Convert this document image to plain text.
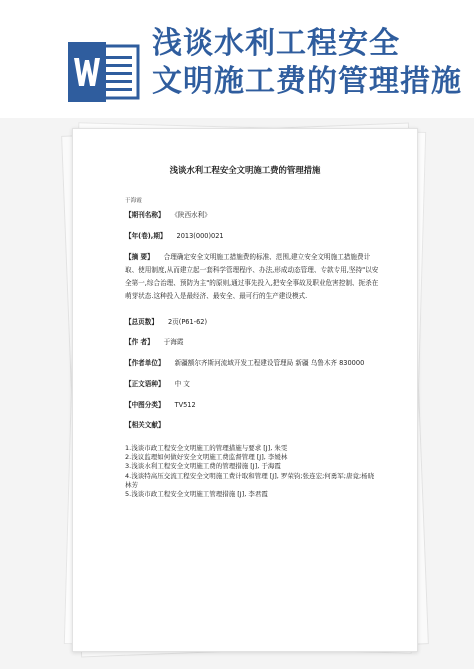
浅谈水利工程安全
文明施工费的管理措施
浅谈水利工程安全文明施工费的管理措施
于海霞
【期刊名称】 《陕西水利》
【年(卷),期】 2013(000)021
【摘 要】 合理确定安全文明施工措施费的标准、范围,建立安全文明施工措施费计取、使用制度,从而建立起一套科学管理程序、办法,形成动态管理、专款专用,坚持"以安全第一,综合治理、预防为主"的原则,通过事先投入,把安全事故及职业危害控制、扼杀在萌芽状态.这种投入是最经济、最安全、最可行的生产建设模式.
【总页数】 2页(P61-62)
【作 者】 于海霞
【作者单位】 新疆额尔齐斯河流域开发工程建设管理局 新疆 乌鲁木齐 830000
【正文语种】 中 文
【中图分类】 TV512
【相关文献】
1.浅谈市政工程安全文明施工的管理措施与要求 [J], 朱雯
2.浅议监理如何做好安全文明施工费监督管理 [J], 李媛林
3.浅谈水利工程安全文明施工费的管理措施 [J], 于海霞
4.浅谈特高压交流工程安全文明施工费计取和管理 [J], 罗荣钧;张连宏;何勇军;唐竟;杨晓林芳
5.浅谈市政工程安全文明施工管理措施 [J], 李君霞
